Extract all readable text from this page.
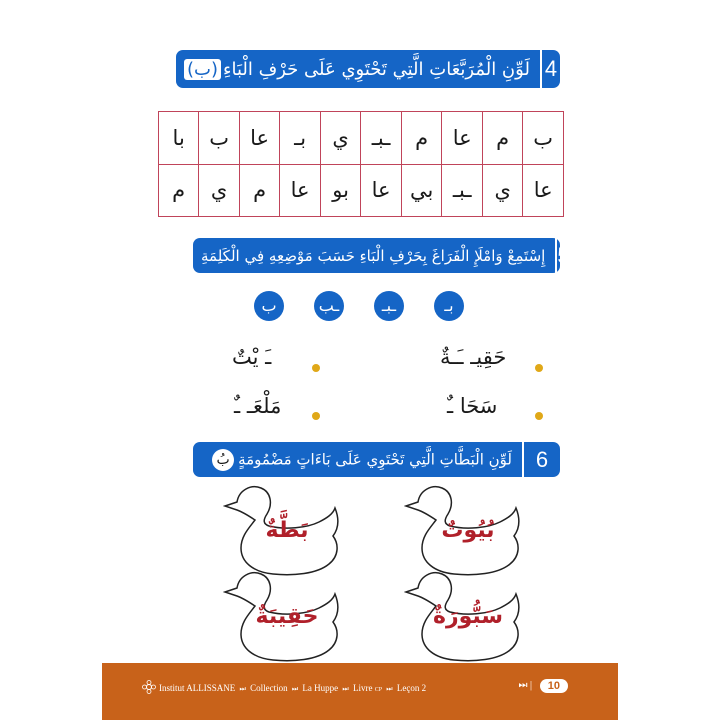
لَوِّنِ الْمُرَبَّعَاتِ الَّتِي تَحْتَوِي عَلَى حَرْفِ الْبَاءِ(ب)	4
با	ب	عا	بـ	ي	ـبـ	م	عا	م	ب
م	ي	م	عا	بو	عا	بي	ـبـ	ي	عا
إِسْتَمِعْ وَامْلَإِ الْفَرَاغَ بِحَرْفِ الْبَاءِ حَسَبَ مَوْضِعِهِ فِي الْكَلِمَةِ 5
بـ
ـبـ
ـب
ب
حَقِيـ ـَـةٌ
ـَ يْتٌ
سَحَا ـٌ
مَلْعَـ ـٌ
لَوِّنِ الْبَطَّاتِ الَّتِي تَحْتَوِي عَلَى بَاءَاتٍ مَضْمُومَةٍبُ	6
بُيُوتٌ
بَطَّةٌ
سَبُّورَةٌ
حَقِيبَةٌ
Institut ALLISSANE ⏭ Collection ⏭ La Huppe ⏭ Livre CP ⏭ Leçon 2	⏭ |	10
